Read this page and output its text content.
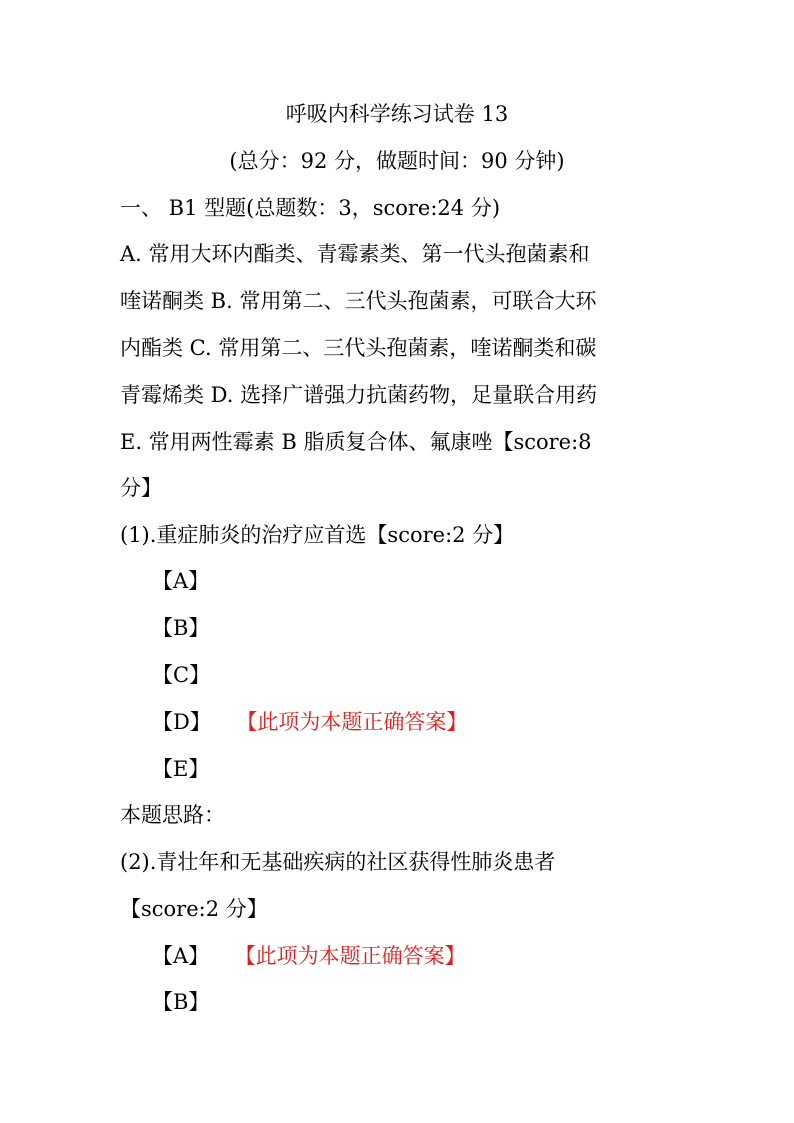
呼吸内科学练习试卷 13
(总分：92 分，做题时间：90 分钟)
一、 B1 型题(总题数：3，score:24 分)
A. 常用大环内酯类、青霉素类、第一代头孢菌素和
喹诺酮类 B. 常用第二、三代头孢菌素，可联合大环
内酯类 C. 常用第二、三代头孢菌素，喹诺酮类和碳
青霉烯类 D. 选择广谱强力抗菌药物，足量联合用药
E. 常用两性霉素 B 脂质复合体、氟康唑【score:8
分】
(1).重症肺炎的治疗应首选【score:2 分】
【A】
【B】
【C】
【D】 【此项为本题正确答案】
【E】
本题思路：
(2).青壮年和无基础疾病的社区获得性肺炎患者
【score:2 分】
【A】 【此项为本题正确答案】
【B】
